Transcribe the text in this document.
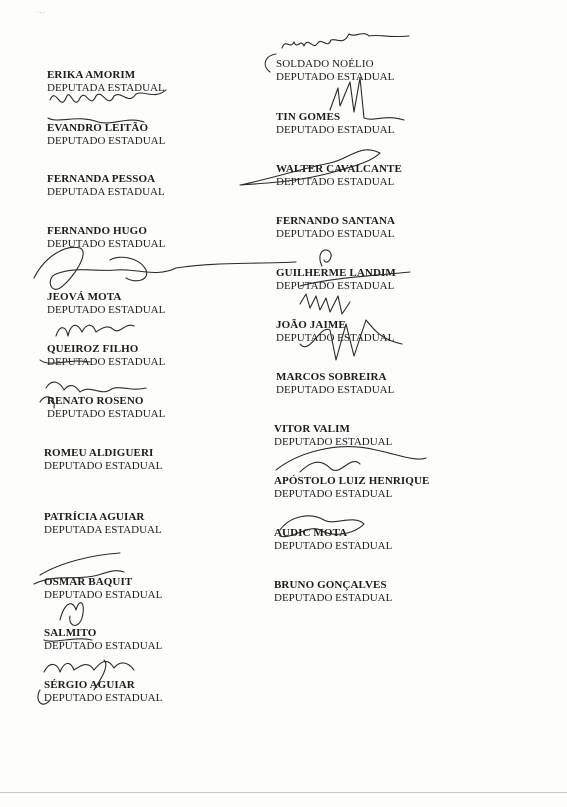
· - ·
ERIKA AMORIM
DEPUTADA ESTADUAL
EVANDRO LEITÃO
DEPUTADO ESTADUAL
FERNANDA PESSOA
DEPUTADA ESTADUAL
FERNANDO HUGO
DEPUTADO ESTADUAL
JEOVÁ MOTA
DEPUTADO ESTADUAL
QUEIROZ FILHO
DEPUTADO ESTADUAL
RENATO ROSENO
DEPUTADO ESTADUAL
ROMEU ALDIGUERI
DEPUTADO ESTADUAL
PATRÍCIA AGUIAR
DEPUTADA ESTADUAL
OSMAR BAQUIT
DEPUTADO ESTADUAL
SALMITO
DEPUTADO ESTADUAL
SÉRGIO AGUIAR
DEPUTADO ESTADUAL
SOLDADO NOÉLIO
DEPUTADO ESTADUAL
TIN GOMES
DEPUTADO ESTADUAL
WALTER CAVALCANTE
DEPUTADO ESTADUAL
FERNANDO SANTANA
DEPUTADO ESTADUAL
GUILHERME LANDIM
DEPUTADO ESTADUAL
JOÃO JAIME
DEPUTADO ESTADUAL
MARCOS SOBREIRA
DEPUTADO ESTADUAL
VITOR VALIM
DEPUTADO ESTADUAL
APÓSTOLO LUIZ HENRIQUE
DEPUTADO ESTADUAL
AUDIC MOTA
DEPUTADO ESTADUAL
BRUNO GONÇALVES
DEPUTADO ESTADUAL
